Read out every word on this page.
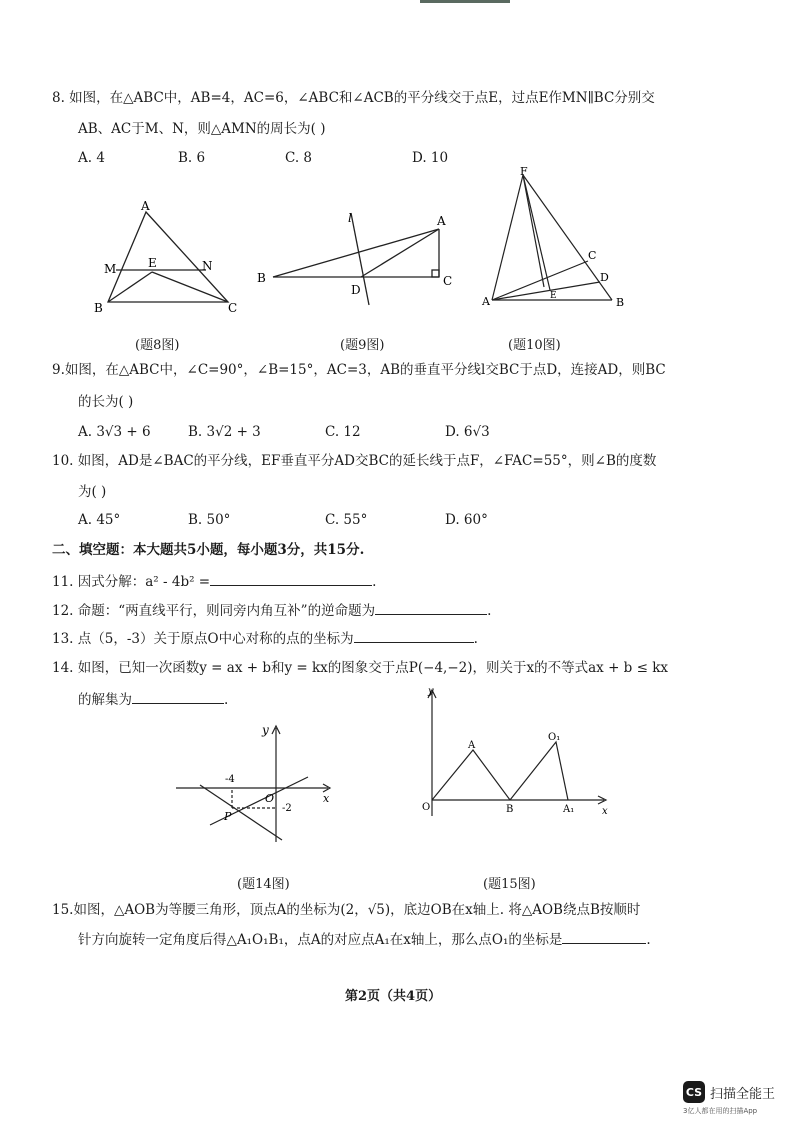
8. 如图，在△ABC中，AB=4，AC=6，∠ABC和∠ACB的平分线交于点E，过点E作MN∥BC分别交
AB、AC于M、N，则△AMN的周长为( )
A. 4	B. 6	C. 8	D. 10
A
M	E	N
B	C
(题8图)
l	A
B
D
C
(题9图)
F
C
D
E
A	B
(题10图)
9.如图，在△ABC中，∠C=90°，∠B=15°，AC=3，AB的垂直平分线l交BC于点D，连接AD，则BC
的长为( )
A. 3√3 + 6	B. 3√2 + 3	C. 12	D. 6√3
10. 如图，AD是∠BAC的平分线，EF垂直平分AD交BC的延长线于点F，∠FAC=55°，则∠B的度数
为( )
A. 45°	B. 50°	C. 55°	D. 60°
二、填空题：本大题共5小题，每小题3分，共15分.
11. 因式分解：a² - 4b² =	.
12. 命题：“两直线平行，则同旁内角互补”的逆命题为	.
13. 点（5，-3）关于原点O中心对称的点的坐标为	.
14. 如图，已知一次函数y = ax + b和y = kx的图象交于点P(−4,−2)，则关于x的不等式ax + b ≤ kx
的解集为	.
y
x
O
P
-4
-2
(题14图)
y
x
O
A
B
O₁
A₁
(题15图)
15.如图，△AOB为等腰三角形，顶点A的坐标为(2，√5)，底边OB在x轴上. 将△AOB绕点B按顺时
针方向旋转一定角度后得△A₁O₁B₁，点A的对应点A₁在x轴上，那么点O₁的坐标是	.
第2页（共4页）
CS 扫描全能王
3亿人都在用的扫描App
